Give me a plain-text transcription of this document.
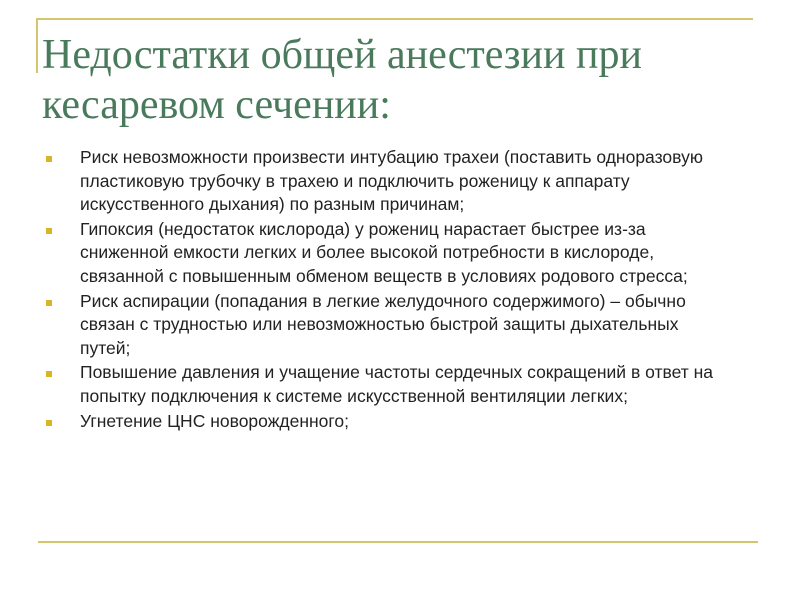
Недостатки общей анестезии при
кесаревом сечении:
Риск невозможности произвести интубацию трахеи (поставить одноразовую пластиковую трубочку в трахею и подключить роженицу к аппарату искусственного дыхания) по разным причинам;
Гипоксия (недостаток кислорода) у рожениц нарастает быстрее из-за сниженной емкости легких и более высокой потребности в кислороде, связанной с повышенным обменом веществ в условиях родового стресса;
Риск аспирации (попадания в легкие желудочного содержимого) – обычно связан с трудностью или невозможностью быстрой защиты дыхательных путей;
Повышение давления и учащение частоты сердечных сокращений в ответ на попытку подключения к системе искусственной вентиляции легких;
Угнетение ЦНС новорожденного;
